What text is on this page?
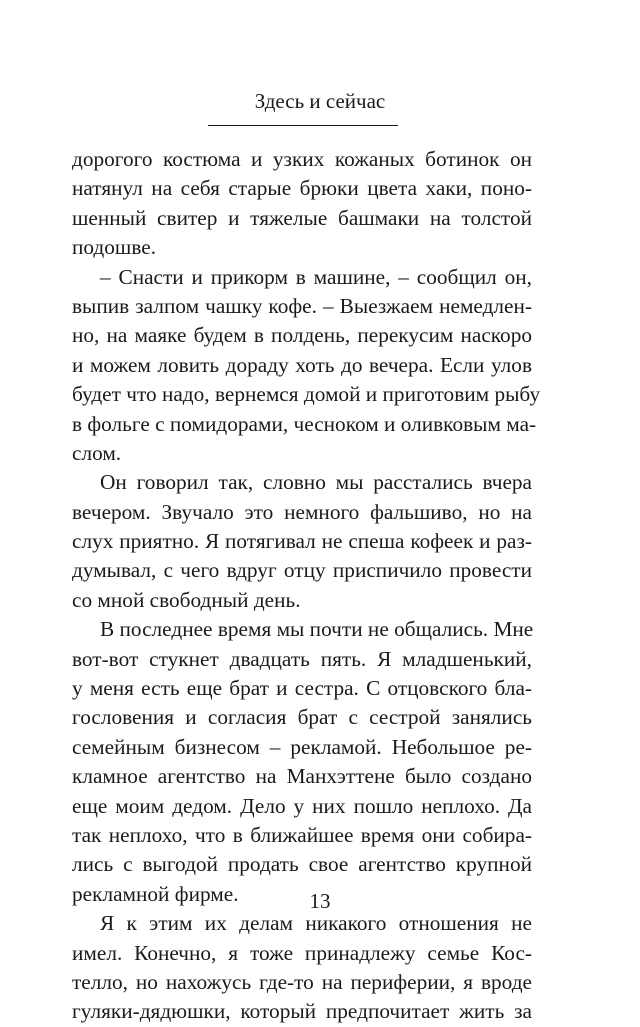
Здесь и сейчас
дорогого костюма и узких кожаных ботинок он
натянул на себя старые брюки цвета хаки, поно-
шенный свитер и тяжелые башмаки на толстой
подошве.
– Снасти и прикорм в машине, – сообщил он,
выпив залпом чашку кофе. – Выезжаем немедлен-
но, на маяке будем в полдень, перекусим наскоро
и можем ловить дораду хоть до вечера. Если улов
будет что надо, вернемся домой и приготовим рыбу
в фольге с помидорами, чесноком и оливковым ма-
слом.
Он говорил так, словно мы расстались вчера
вечером. Звучало это немного фальшиво, но на
слух приятно. Я потягивал не спеша кофеек и раз-
думывал, с чего вдруг отцу приспичило провести
со мной свободный день.
В последнее время мы почти не общались. Мне
вот-вот стукнет двадцать пять. Я младшенький,
у меня есть еще брат и сестра. С отцовского бла-
гословения и согласия брат с сестрой занялись
семейным бизнесом – рекламой. Небольшое ре-
кламное агентство на Манхэттене было создано
еще моим дедом. Дело у них пошло неплохо. Да
так неплохо, что в ближайшее время они собира-
лись с выгодой продать свое агентство крупной
рекламной фирме.
Я к этим их делам никакого отношения не
имел. Конечно, я тоже принадлежу семье Кос-
телло, но нахожусь где-то на периферии, я вроде
гуляки-дядюшки, который предпочитает жить за
13
